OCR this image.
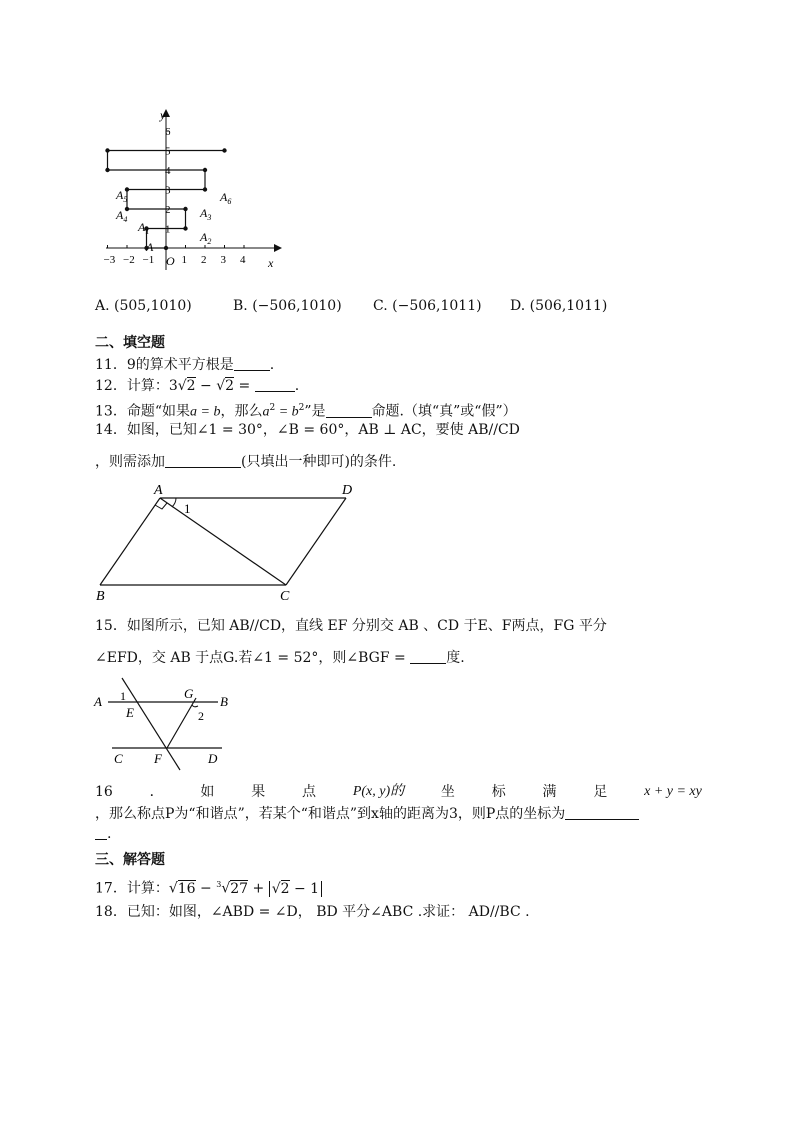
−3 −2 −1 1 2 3 4
1
2
3
4
5
6
y
x
O
A
$A_1$	$A_2$
$A_3$
$A_4$
$A_5$	$A_6$
A. (505,1010)	B. (−506,1010) C. (−506,1011) D. (506,1011)
二、填空题
11．9的算术平方根是	.
12．计算：3√2 − √2 =	.
13．命题“如果a = b，那么$a^2 = b^2$”是	命题.（填“真”或“假”）
14．如图，已知∠1 = 30°，∠B = 60°，AB ⊥ AC，要使 AB//CD
，则需添加	(只填出一种即可)的条件.
A	D
B	C
1
15．如图所示，已知 AB//CD，直线 EF 分别交 AB 、CD 于E、F两点，FG 平分
∠EFD，交 AB 于点G.若∠1 = 52°，则∠BGF =	度.
A	B
C	D
E
F
G
1
2
16	．	如	果	点	P(x, y)的	坐	标	满	足	x + y = xy
，那么称点P为“和谐点”，若某个“和谐点”到x轴的距离为3，则P点的坐标为
.
三、解答题
17．计算：√16 − $^3$√27 + √2 − 1
18．已知：如图，∠ABD = ∠D， BD 平分∠ABC .求证： AD//BC .
